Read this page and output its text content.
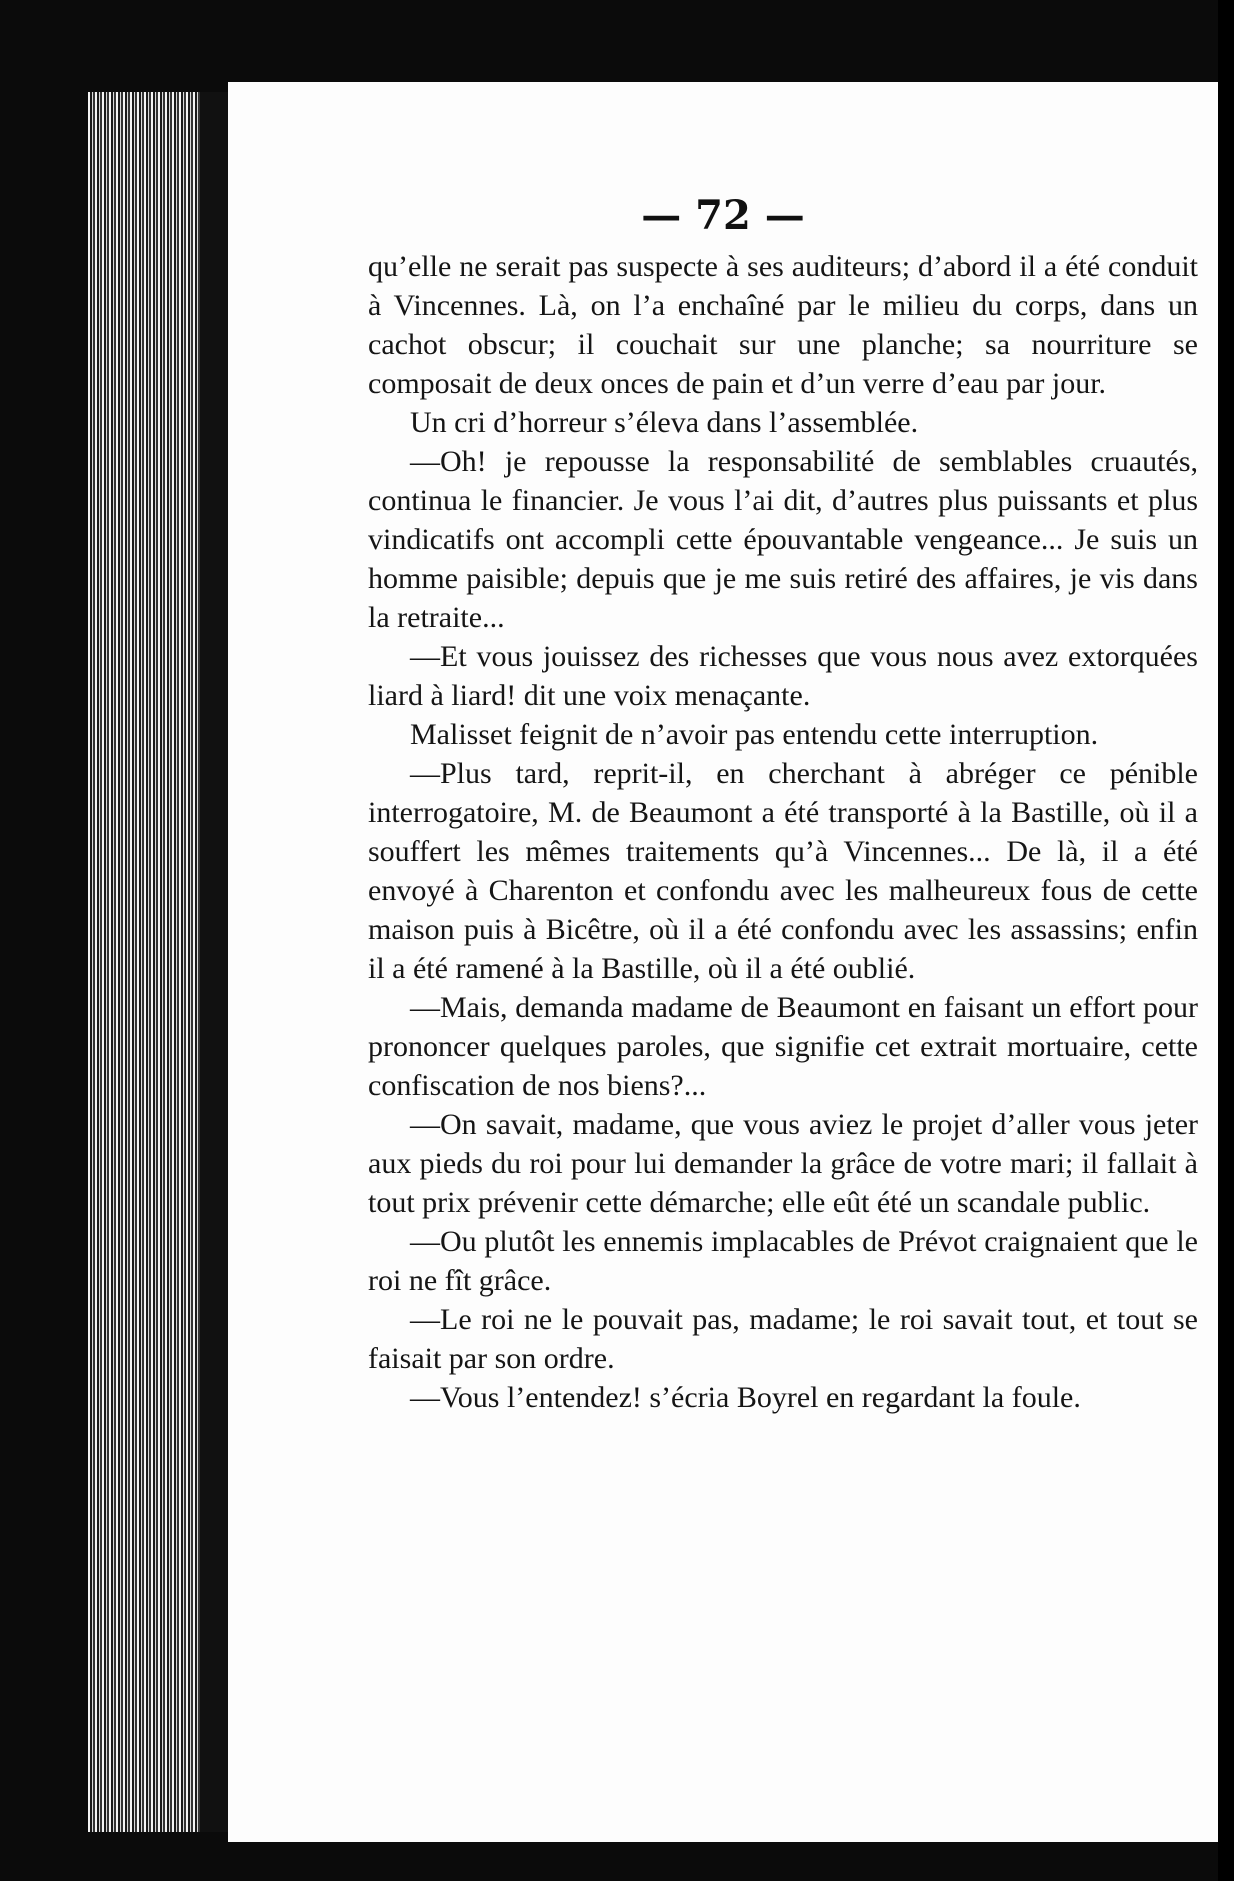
— 72 —

qu’elle ne serait pas suspecte à ses auditeurs; d’abord il a été conduit à Vincennes. Là, on l’a enchaîné par le milieu du corps, dans un cachot obscur; il couchait sur une planche; sa nourriture se composait de deux onces de pain et d’un verre d’eau par jour.

Un cri d’horreur s’éleva dans l’assemblée.

—Oh! je repousse la responsabilité de semblables cruautés, continua le financier. Je vous l’ai dit, d’autres plus puissants et plus vindicatifs ont accompli cette épouvantable vengeance... Je suis un homme paisible; depuis que je me suis retiré des affaires, je vis dans la retraite...

—Et vous jouissez des richesses que vous nous avez extorquées liard à liard! dit une voix menaçante.

Malisset feignit de n’avoir pas entendu cette interruption.

—Plus tard, reprit-il, en cherchant à abréger ce pénible interrogatoire, M. de Beaumont a été transporté à la Bastille, où il a souffert les mêmes traitements qu’à Vincennes... De là, il a été envoyé à Charenton et confondu avec les malheureux fous de cette maison puis à Bicêtre, où il a été confondu avec les assassins; enfin il a été ramené à la Bastille, où il a été oublié.

—Mais, demanda madame de Beaumont en faisant un effort pour prononcer quelques paroles, que signifie cet extrait mortuaire, cette confiscation de nos biens?...

—On savait, madame, que vous aviez le projet d’aller vous jeter aux pieds du roi pour lui demander la grâce de votre mari; il fallait à tout prix prévenir cette démarche; elle eût été un scandale public.

—Ou plutôt les ennemis implacables de Prévot craignaient que le roi ne fît grâce.

—Le roi ne le pouvait pas, madame; le roi savait tout, et tout se faisait par son ordre.

—Vous l’entendez! s’écria Boyrel en regardant la foule.
